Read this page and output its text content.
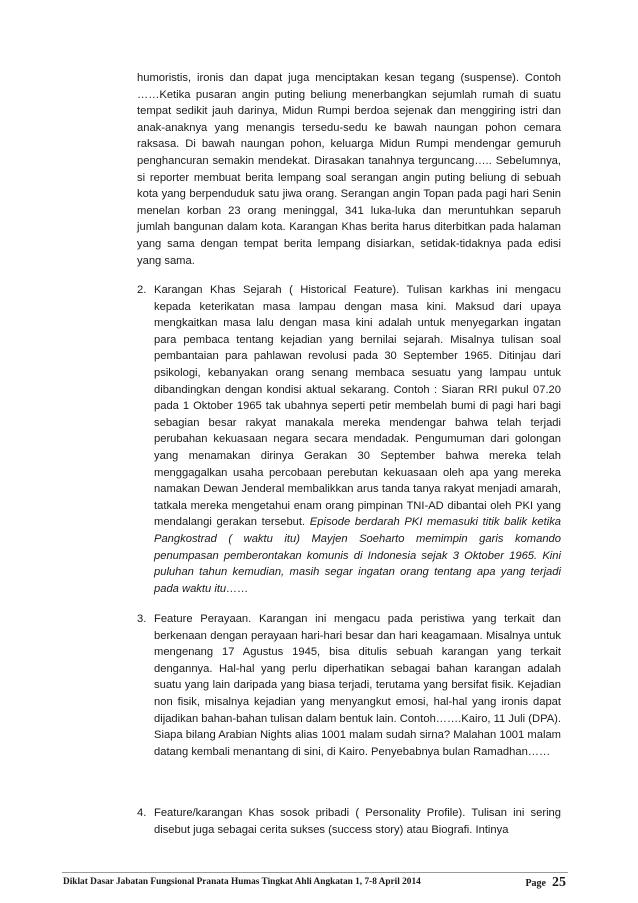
humoristis, ironis dan dapat juga menciptakan kesan tegang (suspense). Contoh ……Ketika pusaran angin puting beliung menerbangkan sejumlah rumah di suatu tempat sedikit jauh darinya, Midun Rumpi berdoa sejenak dan menggiring istri dan anak-anaknya yang menangis tersedu-sedu ke bawah naungan pohon cemara raksasa. Di bawah naungan pohon, keluarga Midun Rumpi mendengar gemuruh penghancuran semakin mendekat. Dirasakan tanahnya terguncang….. Sebelumnya, si reporter membuat berita lempang soal serangan angin puting beliung di sebuah kota yang berpenduduk satu jiwa orang. Serangan angin Topan pada pagi hari Senin menelan korban 23 orang meninggal, 341 luka-luka dan meruntuhkan separuh jumlah bangunan dalam kota. Karangan Khas berita harus diterbitkan pada halaman yang sama dengan tempat berita lempang disiarkan, setidak-tidaknya pada edisi yang sama.

2. Karangan Khas Sejarah ( Historical Feature). Tulisan karkhas ini mengacu kepada keterikatan masa lampau dengan masa kini. Maksud dari upaya mengkaitkan masa lalu dengan masa kini adalah untuk menyegarkan ingatan para pembaca tentang kejadian yang bernilai sejarah. Misalnya tulisan soal pembantaian para pahlawan revolusi pada 30 September 1965. Ditinjau dari psikologi, kebanyakan orang senang membaca sesuatu yang lampau untuk dibandingkan dengan kondisi aktual sekarang. Contoh : Siaran RRI pukul 07.20 pada 1 Oktober 1965 tak ubahnya seperti petir membelah bumi di pagi hari bagi sebagian besar rakyat manakala mereka mendengar bahwa telah terjadi perubahan kekuasaan negara secara mendadak. Pengumuman dari golongan yang menamakan dirinya Gerakan 30 September bahwa mereka telah menggagalkan usaha percobaan perebutan kekuasaan oleh apa yang mereka namakan Dewan Jenderal membalikkan arus tanda tanya rakyat menjadi amarah, tatkala mereka mengetahui enam orang pimpinan TNI-AD dibantai oleh PKI yang mendalangi gerakan tersebut. Episode berdarah PKI memasuki titik balik ketika Pangkostrad ( waktu itu) Mayjen Soeharto memimpin garis komando penumpasan pemberontakan komunis di Indonesia sejak 3 Oktober 1965. Kini puluhan tahun kemudian, masih segar ingatan orang tentang apa yang terjadi pada waktu itu……

3. Feature Perayaan. Karangan ini mengacu pada peristiwa yang terkait dan berkenaan dengan perayaan hari-hari besar dan hari keagamaan. Misalnya untuk mengenang 17 Agustus 1945, bisa ditulis sebuah karangan yang terkait dengannya. Hal-hal yang perlu diperhatikan sebagai bahan karangan adalah suatu yang lain daripada yang biasa terjadi, terutama yang bersifat fisik. Kejadian non fisik, misalnya kejadian yang menyangkut emosi, hal-hal yang ironis dapat dijadikan bahan-bahan tulisan dalam bentuk lain. Contoh…….Kairo, 11 Juli (DPA). Siapa bilang Arabian Nights alias 1001 malam sudah sirna? Malahan 1001 malam datang kembali menantang di sini, di Kairo. Penyebabnya bulan Ramadhan……

4. Feature/karangan Khas sosok pribadi ( Personality Profile). Tulisan ini sering disebut juga sebagai cerita sukses (success story) atau Biografi. Intinya

Diklat Dasar Jabatan Fungsional Pranata Humas Tingkat Ahli Angkatan 1, 7-8 April 2014	Page 25
